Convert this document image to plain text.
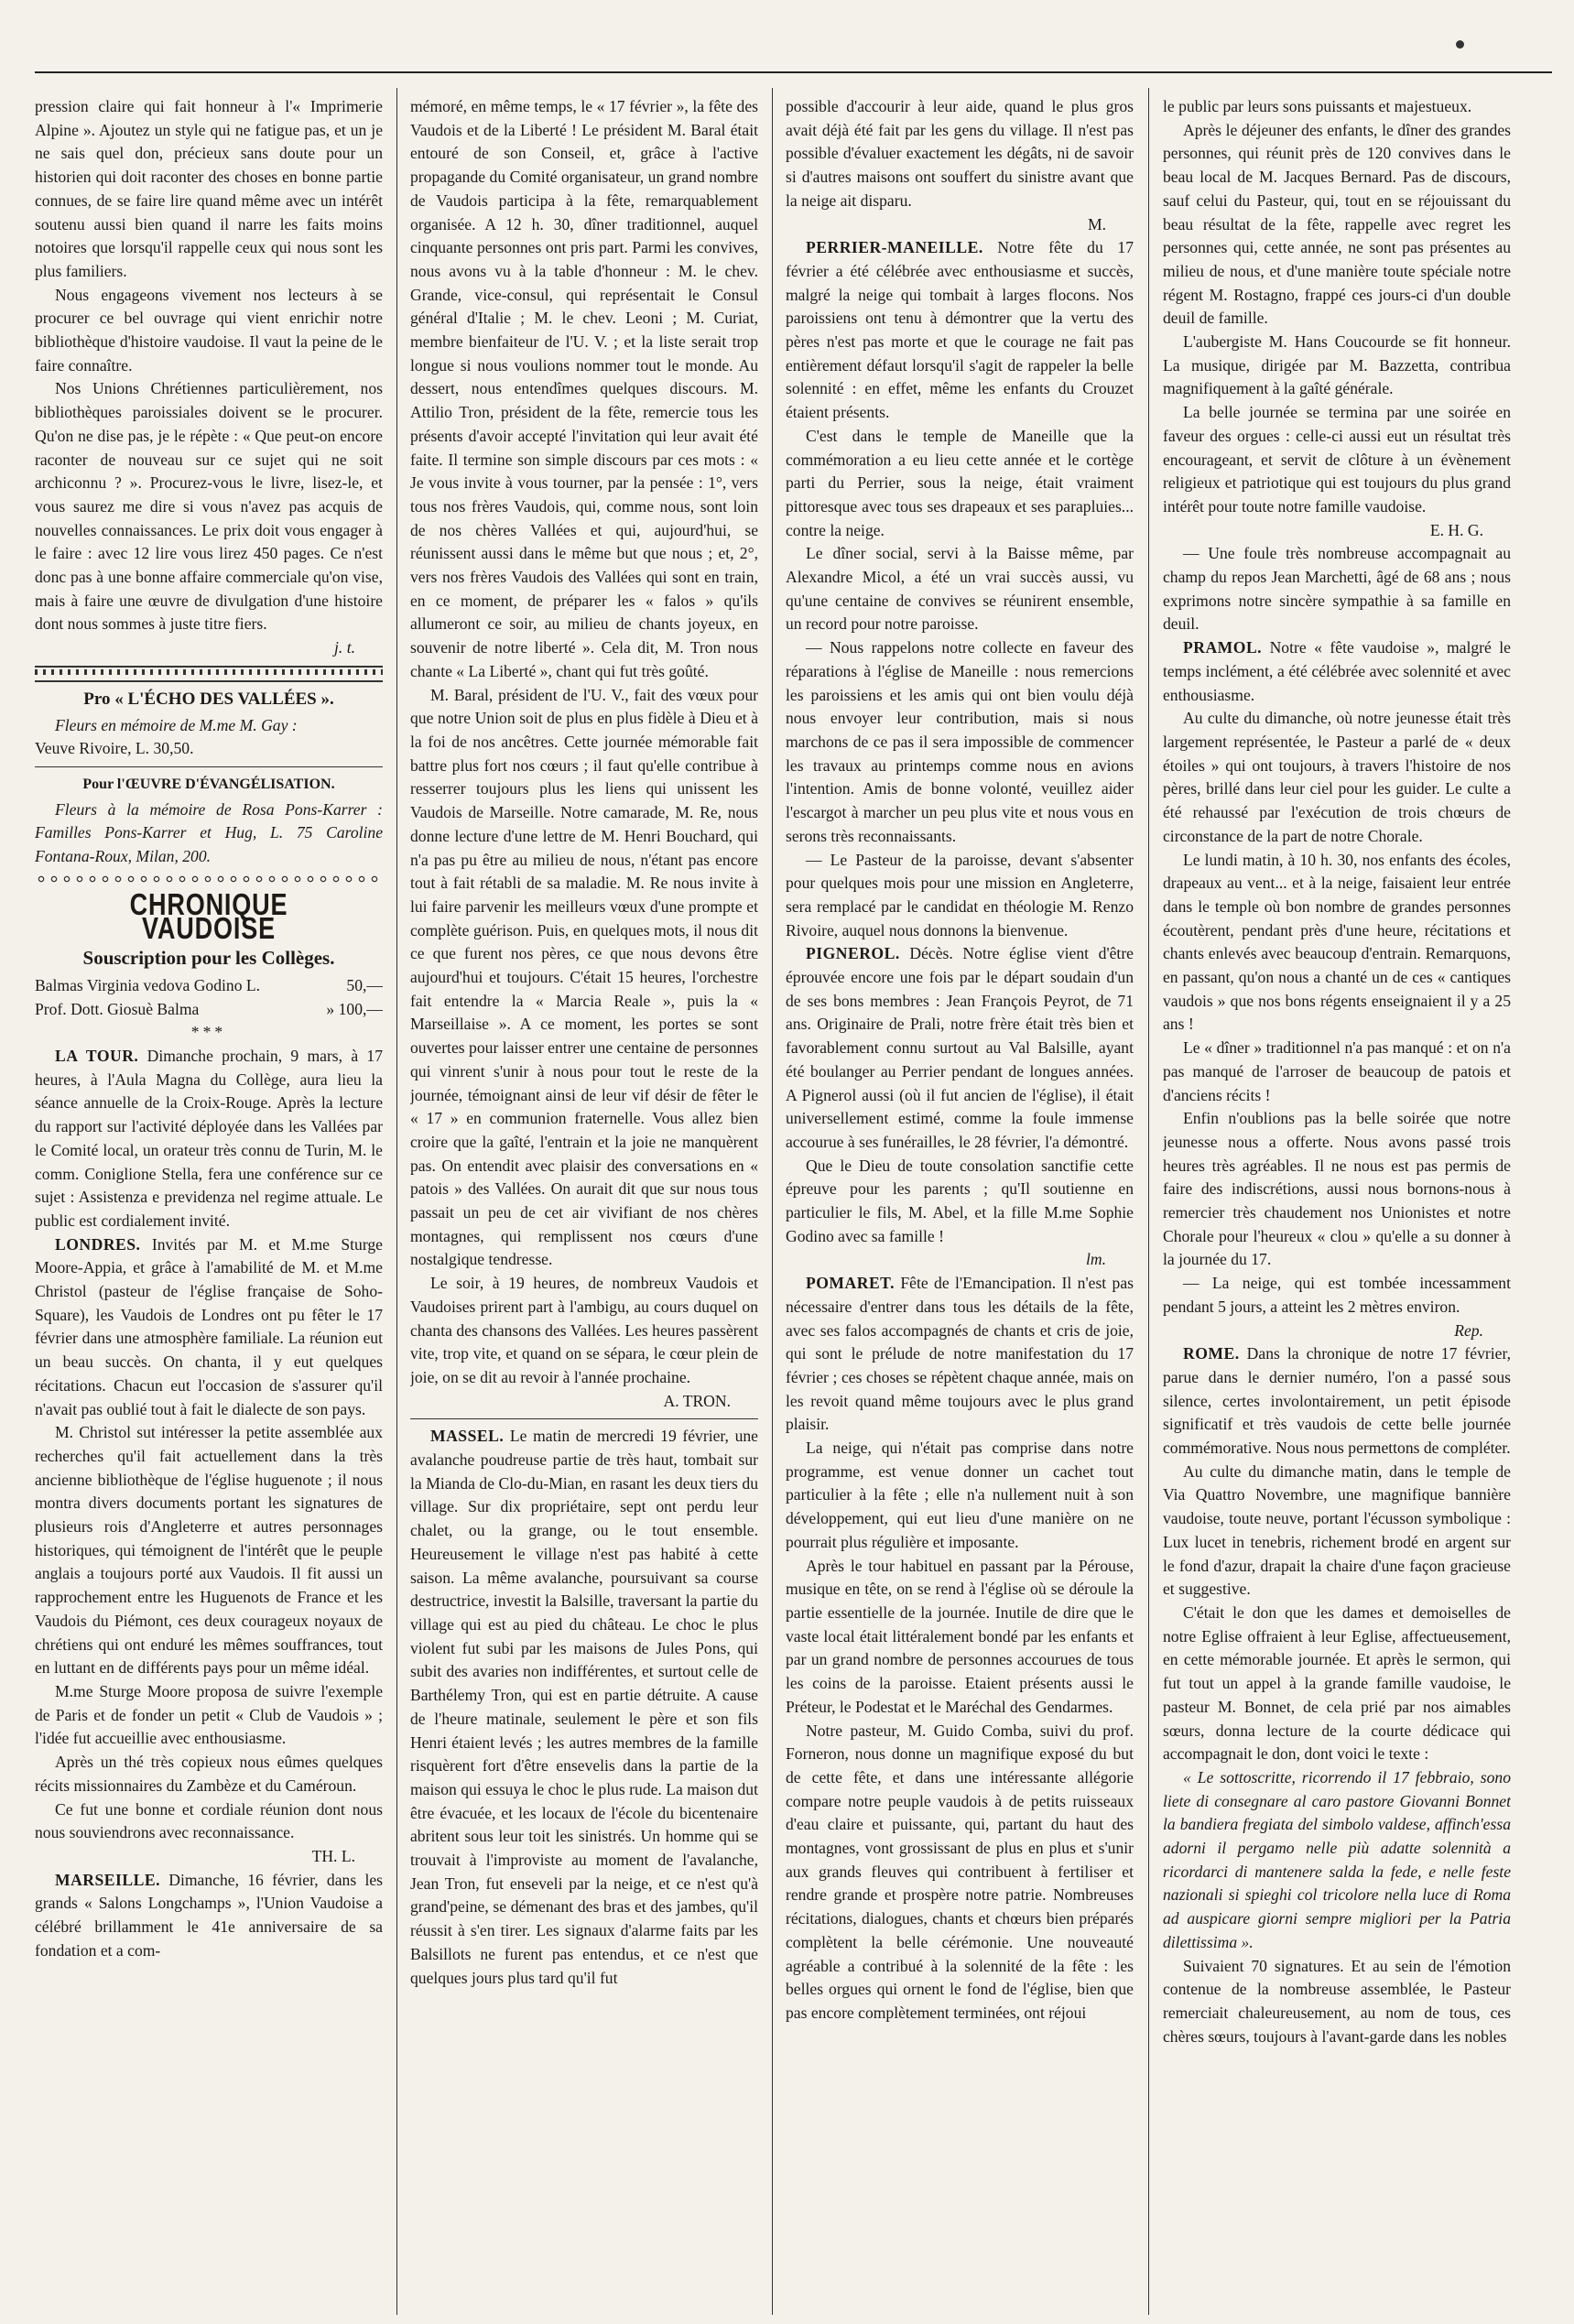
pression claire qui fait honneur à l'« Imprimerie Alpine ». Ajoutez un style qui ne fatigue pas, et un je ne sais quel don, précieux sans doute pour un historien qui doit raconter des choses en bonne partie connues, de se faire lire quand même avec un intérêt soutenu aussi bien quand il narre les faits moins notoires que lorsqu'il rappelle ceux qui nous sont les plus familiers.

Nous engageons vivement nos lecteurs à se procurer ce bel ouvrage qui vient enrichir notre bibliothèque d'histoire vaudoise. Il vaut la peine de le faire connaître.

Nos Unions Chrétiennes particulièrement, nos bibliothèques paroissiales doivent se le procurer. Qu'on ne dise pas, je le répète : « Que peut-on encore raconter de nouveau sur ce sujet qui ne soit archiconnu ? ». Procurez-vous le livre, lisez-le, et vous saurez me dire si vous n'avez pas acquis de nouvelles connaissances. Le prix doit vous engager à le faire : avec 12 lire vous lirez 450 pages. Ce n'est donc pas à une bonne affaire commerciale qu'on vise, mais à faire une œuvre de divulgation d'une histoire dont nous sommes à juste titre fiers.

j. t.

Pro « L'ÉCHO DES VALLÉES ».

Fleurs en mémoire de M.me M. Gay :

Veuve Rivoire, L. 30,50.

Pour l'ŒUVRE D'ÉVANGÉLISATION.

Fleurs à la mémoire de Rosa Pons-Karrer : Familles Pons-Karrer et Hug, L. 75 Caroline Fontana-Roux, Milan, 200.

CHRONIQUE VAUDOISE
Souscription pour les Collèges.
Balmas Virginia vedova Godino L.	50,—
Prof. Dott. Giosuè Balma	» 100,—

***

LA TOUR. Dimanche prochain, 9 mars, à 17 heures, à l'Aula Magna du Collège, aura lieu la séance annuelle de la Croix-Rouge. Après la lecture du rapport sur l'activité déployée dans les Vallées par le Comité local, un orateur très connu de Turin, M. le comm. Coniglione Stella, fera une conférence sur ce sujet : Assistenza e previdenza nel regime attuale. Le public est cordialement invité.

LONDRES. Invités par M. et M.me Sturge Moore-Appia, et grâce à l'amabilité de M. et M.me Christol (pasteur de l'église française de Soho-Square), les Vaudois de Londres ont pu fêter le 17 février dans une atmosphère familiale. La réunion eut un beau succès. On chanta, il y eut quelques récitations. Chacun eut l'occasion de s'assurer qu'il n'avait pas oublié tout à fait le dialecte de son pays.

M. Christol sut intéresser la petite assemblée aux recherches qu'il fait actuellement dans la très ancienne bibliothèque de l'église huguenote ; il nous montra divers documents portant les signatures de plusieurs rois d'Angleterre et autres personnages historiques, qui témoignent de l'intérêt que le peuple anglais a toujours porté aux Vaudois. Il fit aussi un rapprochement entre les Huguenots de France et les Vaudois du Piémont, ces deux courageux noyaux de chrétiens qui ont enduré les mêmes souffrances, tout en luttant en de différents pays pour un même idéal.

M.me Sturge Moore proposa de suivre l'exemple de Paris et de fonder un petit « Club de Vaudois » ; l'idée fut accueillie avec enthousiasme.

Après un thé très copieux nous eûmes quelques récits missionnaires du Zambèze et du Caméroun.

Ce fut une bonne et cordiale réunion dont nous nous souviendrons avec reconnaissance.

TH. L.

MARSEILLE. Dimanche, 16 février, dans les grands « Salons Longchamps », l'Union Vaudoise a célébré brillamment le 41e anniversaire de sa fondation et a com-

mémoré, en même temps, le « 17 février », la fête des Vaudois et de la Liberté ! Le président M. Baral était entouré de son Conseil, et, grâce à l'active propagande du Comité organisateur, un grand nombre de Vaudois participa à la fête, remarquablement organisée. A 12 h. 30, dîner traditionnel, auquel cinquante personnes ont pris part. Parmi les convives, nous avons vu à la table d'honneur : M. le chev. Grande, vice-consul, qui représentait le Consul général d'Italie ; M. le chev. Leoni ; M. Curiat, membre bienfaiteur de l'U. V. ; et la liste serait trop longue si nous voulions nommer tout le monde. Au dessert, nous entendîmes quelques discours. M. Attilio Tron, président de la fête, remercie tous les présents d'avoir accepté l'invitation qui leur avait été faite. Il termine son simple discours par ces mots : « Je vous invite à vous tourner, par la pensée : 1°, vers tous nos frères Vaudois, qui, comme nous, sont loin de nos chères Vallées et qui, aujourd'hui, se réunissent aussi dans le même but que nous ; et, 2°, vers nos frères Vaudois des Vallées qui sont en train, en ce moment, de préparer les « falos » qu'ils allumeront ce soir, au milieu de chants joyeux, en souvenir de notre liberté ». Cela dit, M. Tron nous chante « La Liberté », chant qui fut très goûté.

M. Baral, président de l'U. V., fait des vœux pour que notre Union soit de plus en plus fidèle à Dieu et à la foi de nos ancêtres. Cette journée mémorable fait battre plus fort nos cœurs ; il faut qu'elle contribue à resserrer toujours plus les liens qui unissent les Vaudois de Marseille. Notre camarade, M. Re, nous donne lecture d'une lettre de M. Henri Bouchard, qui n'a pas pu être au milieu de nous, n'étant pas encore tout à fait rétabli de sa maladie. M. Re nous invite à lui faire parvenir les meilleurs vœux d'une prompte et complète guérison. Puis, en quelques mots, il nous dit ce que furent nos pères, ce que nous devons être aujourd'hui et toujours. C'était 15 heures, l'orchestre fait entendre la « Marcia Reale », puis la « Marseillaise ». A ce moment, les portes se sont ouvertes pour laisser entrer une centaine de personnes qui vinrent s'unir à nous pour tout le reste de la journée, témoignant ainsi de leur vif désir de fêter le « 17 » en communion fraternelle. Vous allez bien croire que la gaîté, l'entrain et la joie ne manquèrent pas. On entendit avec plaisir des conversations en « patois » des Vallées. On aurait dit que sur nous tous passait un peu de cet air vivifiant de nos chères montagnes, qui remplissent nos cœurs d'une nostalgique tendresse.

Le soir, à 19 heures, de nombreux Vaudois et Vaudoises prirent part à l'ambigu, au cours duquel on chanta des chansons des Vallées. Les heures passèrent vite, trop vite, et quand on se sépara, le cœur plein de joie, on se dit au revoir à l'année prochaine.

A. TRON.

MASSEL. Le matin de mercredi 19 février, une avalanche poudreuse partie de très haut, tombait sur la Mianda de Clo-du-Mian, en rasant les deux tiers du village. Sur dix propriétaire, sept ont perdu leur chalet, ou la grange, ou le tout ensemble. Heureusement le village n'est pas habité à cette saison. La même avalanche, poursuivant sa course destructrice, investit la Balsille, traversant la partie du village qui est au pied du château. Le choc le plus violent fut subi par les maisons de Jules Pons, qui subit des avaries non indifférentes, et surtout celle de Barthélemy Tron, qui est en partie détruite. A cause de l'heure matinale, seulement le père et son fils Henri étaient levés ; les autres membres de la famille risquèrent fort d'être ensevelis dans la partie de la maison qui essuya le choc le plus rude. La maison dut être évacuée, et les locaux de l'école du bicentenaire abritent sous leur toit les sinistrés. Un homme qui se trouvait à l'improviste au moment de l'avalanche, Jean Tron, fut enseveli par la neige, et ce n'est qu'à grand'peine, se démenant des bras et des jambes, qu'il réussit à s'en tirer. Les signaux d'alarme faits par les Balsillots ne furent pas entendus, et ce n'est que quelques jours plus tard qu'il fut

possible d'accourir à leur aide, quand le plus gros avait déjà été fait par les gens du village. Il n'est pas possible d'évaluer exactement les dégâts, ni de savoir si d'autres maisons ont souffert du sinistre avant que la neige ait disparu.

M.

PERRIER-MANEILLE. Notre fête du 17 février a été célébrée avec enthousiasme et succès, malgré la neige qui tombait à larges flocons. Nos paroissiens ont tenu à démontrer que la vertu des pères n'est pas morte et que le courage ne fait pas entièrement défaut lorsqu'il s'agit de rappeler la belle solennité : en effet, même les enfants du Crouzet étaient présents.

C'est dans le temple de Maneille que la commémoration a eu lieu cette année et le cortège parti du Perrier, sous la neige, était vraiment pittoresque avec tous ses drapeaux et ses parapluies... contre la neige.

Le dîner social, servi à la Baisse même, par Alexandre Micol, a été un vrai succès aussi, vu qu'une centaine de convives se réunirent ensemble, un record pour notre paroisse.

— Nous rappelons notre collecte en faveur des réparations à l'église de Maneille : nous remercions les paroissiens et les amis qui ont bien voulu déjà nous envoyer leur contribution, mais si nous marchons de ce pas il sera impossible de commencer les travaux au printemps comme nous en avions l'intention. Amis de bonne volonté, veuillez aider l'escargot à marcher un peu plus vite et nous vous en serons très reconnaissants.

— Le Pasteur de la paroisse, devant s'absenter pour quelques mois pour une mission en Angleterre, sera remplacé par le candidat en théologie M. Renzo Rivoire, auquel nous donnons la bienvenue.

PIGNEROL. Décès. Notre église vient d'être éprouvée encore une fois par le départ soudain d'un de ses bons membres : Jean François Peyrot, de 71 ans. Originaire de Prali, notre frère était très bien et favorablement connu surtout au Val Balsille, ayant été boulanger au Perrier pendant de longues années. A Pignerol aussi (où il fut ancien de l'église), il était universellement estimé, comme la foule immense accourue à ses funérailles, le 28 février, l'a démontré.

Que le Dieu de toute consolation sanctifie cette épreuve pour les parents ; qu'Il soutienne en particulier le fils, M. Abel, et la fille M.me Sophie Godino avec sa famille !

lm.

POMARET. Fête de l'Emancipation. Il n'est pas nécessaire d'entrer dans tous les détails de la fête, avec ses falos accompagnés de chants et cris de joie, qui sont le prélude de notre manifestation du 17 février ; ces choses se répètent chaque année, mais on les revoit quand même toujours avec le plus grand plaisir.

La neige, qui n'était pas comprise dans notre programme, est venue donner un cachet tout particulier à la fête ; elle n'a nullement nuit à son développement, qui eut lieu d'une manière on ne pourrait plus régulière et imposante.

Après le tour habituel en passant par la Pérouse, musique en tête, on se rend à l'église où se déroule la partie essentielle de la journée. Inutile de dire que le vaste local était littéralement bondé par les enfants et par un grand nombre de personnes accourues de tous les coins de la paroisse. Etaient présents aussi le Préteur, le Podestat et le Maréchal des Gendarmes.

Notre pasteur, M. Guido Comba, suivi du prof. Forneron, nous donne un magnifique exposé du but de cette fête, et dans une intéressante allégorie compare notre peuple vaudois à de petits ruisseaux d'eau claire et puissante, qui, partant du haut des montagnes, vont grossissant de plus en plus et s'unir aux grands fleuves qui contribuent à fertiliser et rendre grande et prospère notre patrie. Nombreuses récitations, dialogues, chants et chœurs bien préparés complètent la belle cérémonie. Une nouveauté agréable a contribué à la solennité de la fête : les belles orgues qui ornent le fond de l'église, bien que pas encore complètement terminées, ont réjoui

le public par leurs sons puissants et majestueux.

Après le déjeuner des enfants, le dîner des grandes personnes, qui réunit près de 120 convives dans le beau local de M. Jacques Bernard. Pas de discours, sauf celui du Pasteur, qui, tout en se réjouissant du beau résultat de la fête, rappelle avec regret les personnes qui, cette année, ne sont pas présentes au milieu de nous, et d'une manière toute spéciale notre régent M. Rostagno, frappé ces jours-ci d'un double deuil de famille.

L'aubergiste M. Hans Coucourde se fit honneur. La musique, dirigée par M. Bazzetta, contribua magnifiquement à la gaîté générale.

La belle journée se termina par une soirée en faveur des orgues : celle-ci aussi eut un résultat très encourageant, et servit de clôture à un évènement religieux et patriotique qui est toujours du plus grand intérêt pour toute notre famille vaudoise.

E. H. G.

— Une foule très nombreuse accompagnait au champ du repos Jean Marchetti, âgé de 68 ans ; nous exprimons notre sincère sympathie à sa famille en deuil.

PRAMOL. Notre « fête vaudoise », malgré le temps inclément, a été célébrée avec solennité et avec enthousiasme.

Au culte du dimanche, où notre jeunesse était très largement représentée, le Pasteur a parlé de « deux étoiles » qui ont toujours, à travers l'histoire de nos pères, brillé dans leur ciel pour les guider. Le culte a été rehaussé par l'exécution de trois chœurs de circonstance de la part de notre Chorale.

Le lundi matin, à 10 h. 30, nos enfants des écoles, drapeaux au vent... et à la neige, faisaient leur entrée dans le temple où bon nombre de grandes personnes écoutèrent, pendant près d'une heure, récitations et chants enlevés avec beaucoup d'entrain. Remarquons, en passant, qu'on nous a chanté un de ces « cantiques vaudois » que nos bons régents enseignaient il y a 25 ans !

Le « dîner » traditionnel n'a pas manqué : et on n'a pas manqué de l'arroser de beaucoup de patois et d'anciens récits !

Enfin n'oublions pas la belle soirée que notre jeunesse nous a offerte. Nous avons passé trois heures très agréables. Il ne nous est pas permis de faire des indiscrétions, aussi nous bornons-nous à remercier très chaudement nos Unionistes et notre Chorale pour l'heureux « clou » qu'elle a su donner à la journée du 17.

— La neige, qui est tombée incessamment pendant 5 jours, a atteint les 2 mètres environ.

Rep.

ROME. Dans la chronique de notre 17 février, parue dans le dernier numéro, l'on a passé sous silence, certes involontairement, un petit épisode significatif et très vaudois de cette belle journée commémorative. Nous nous permettons de compléter.

Au culte du dimanche matin, dans le temple de Via Quattro Novembre, une magnifique bannière vaudoise, toute neuve, portant l'écusson symbolique : Lux lucet in tenebris, richement brodé en argent sur le fond d'azur, drapait la chaire d'une façon gracieuse et suggestive.

C'était le don que les dames et demoiselles de notre Eglise offraient à leur Eglise, affectueusement, en cette mémorable journée. Et après le sermon, qui fut tout un appel à la grande famille vaudoise, le pasteur M. Bonnet, de cela prié par nos aimables sœurs, donna lecture de la courte dédicace qui accompagnait le don, dont voici le texte :

« Le sottoscritte, ricorrendo il 17 febbraio, sono liete di consegnare al caro pastore Giovanni Bonnet la bandiera fregiata del simbolo valdese, affinch'essa adorni il pergamo nelle più adatte solennità a ricordarci di mantenere salda la fede, e nelle feste nazionali si spieghi col tricolore nella luce di Roma ad auspicare giorni sempre migliori per la Patria dilettissima ».

Suivaient 70 signatures. Et au sein de l'émotion contenue de la nombreuse assemblée, le Pasteur remerciait chaleureusement, au nom de tous, ces chères sœurs, toujours à l'avant-garde dans les nobles
